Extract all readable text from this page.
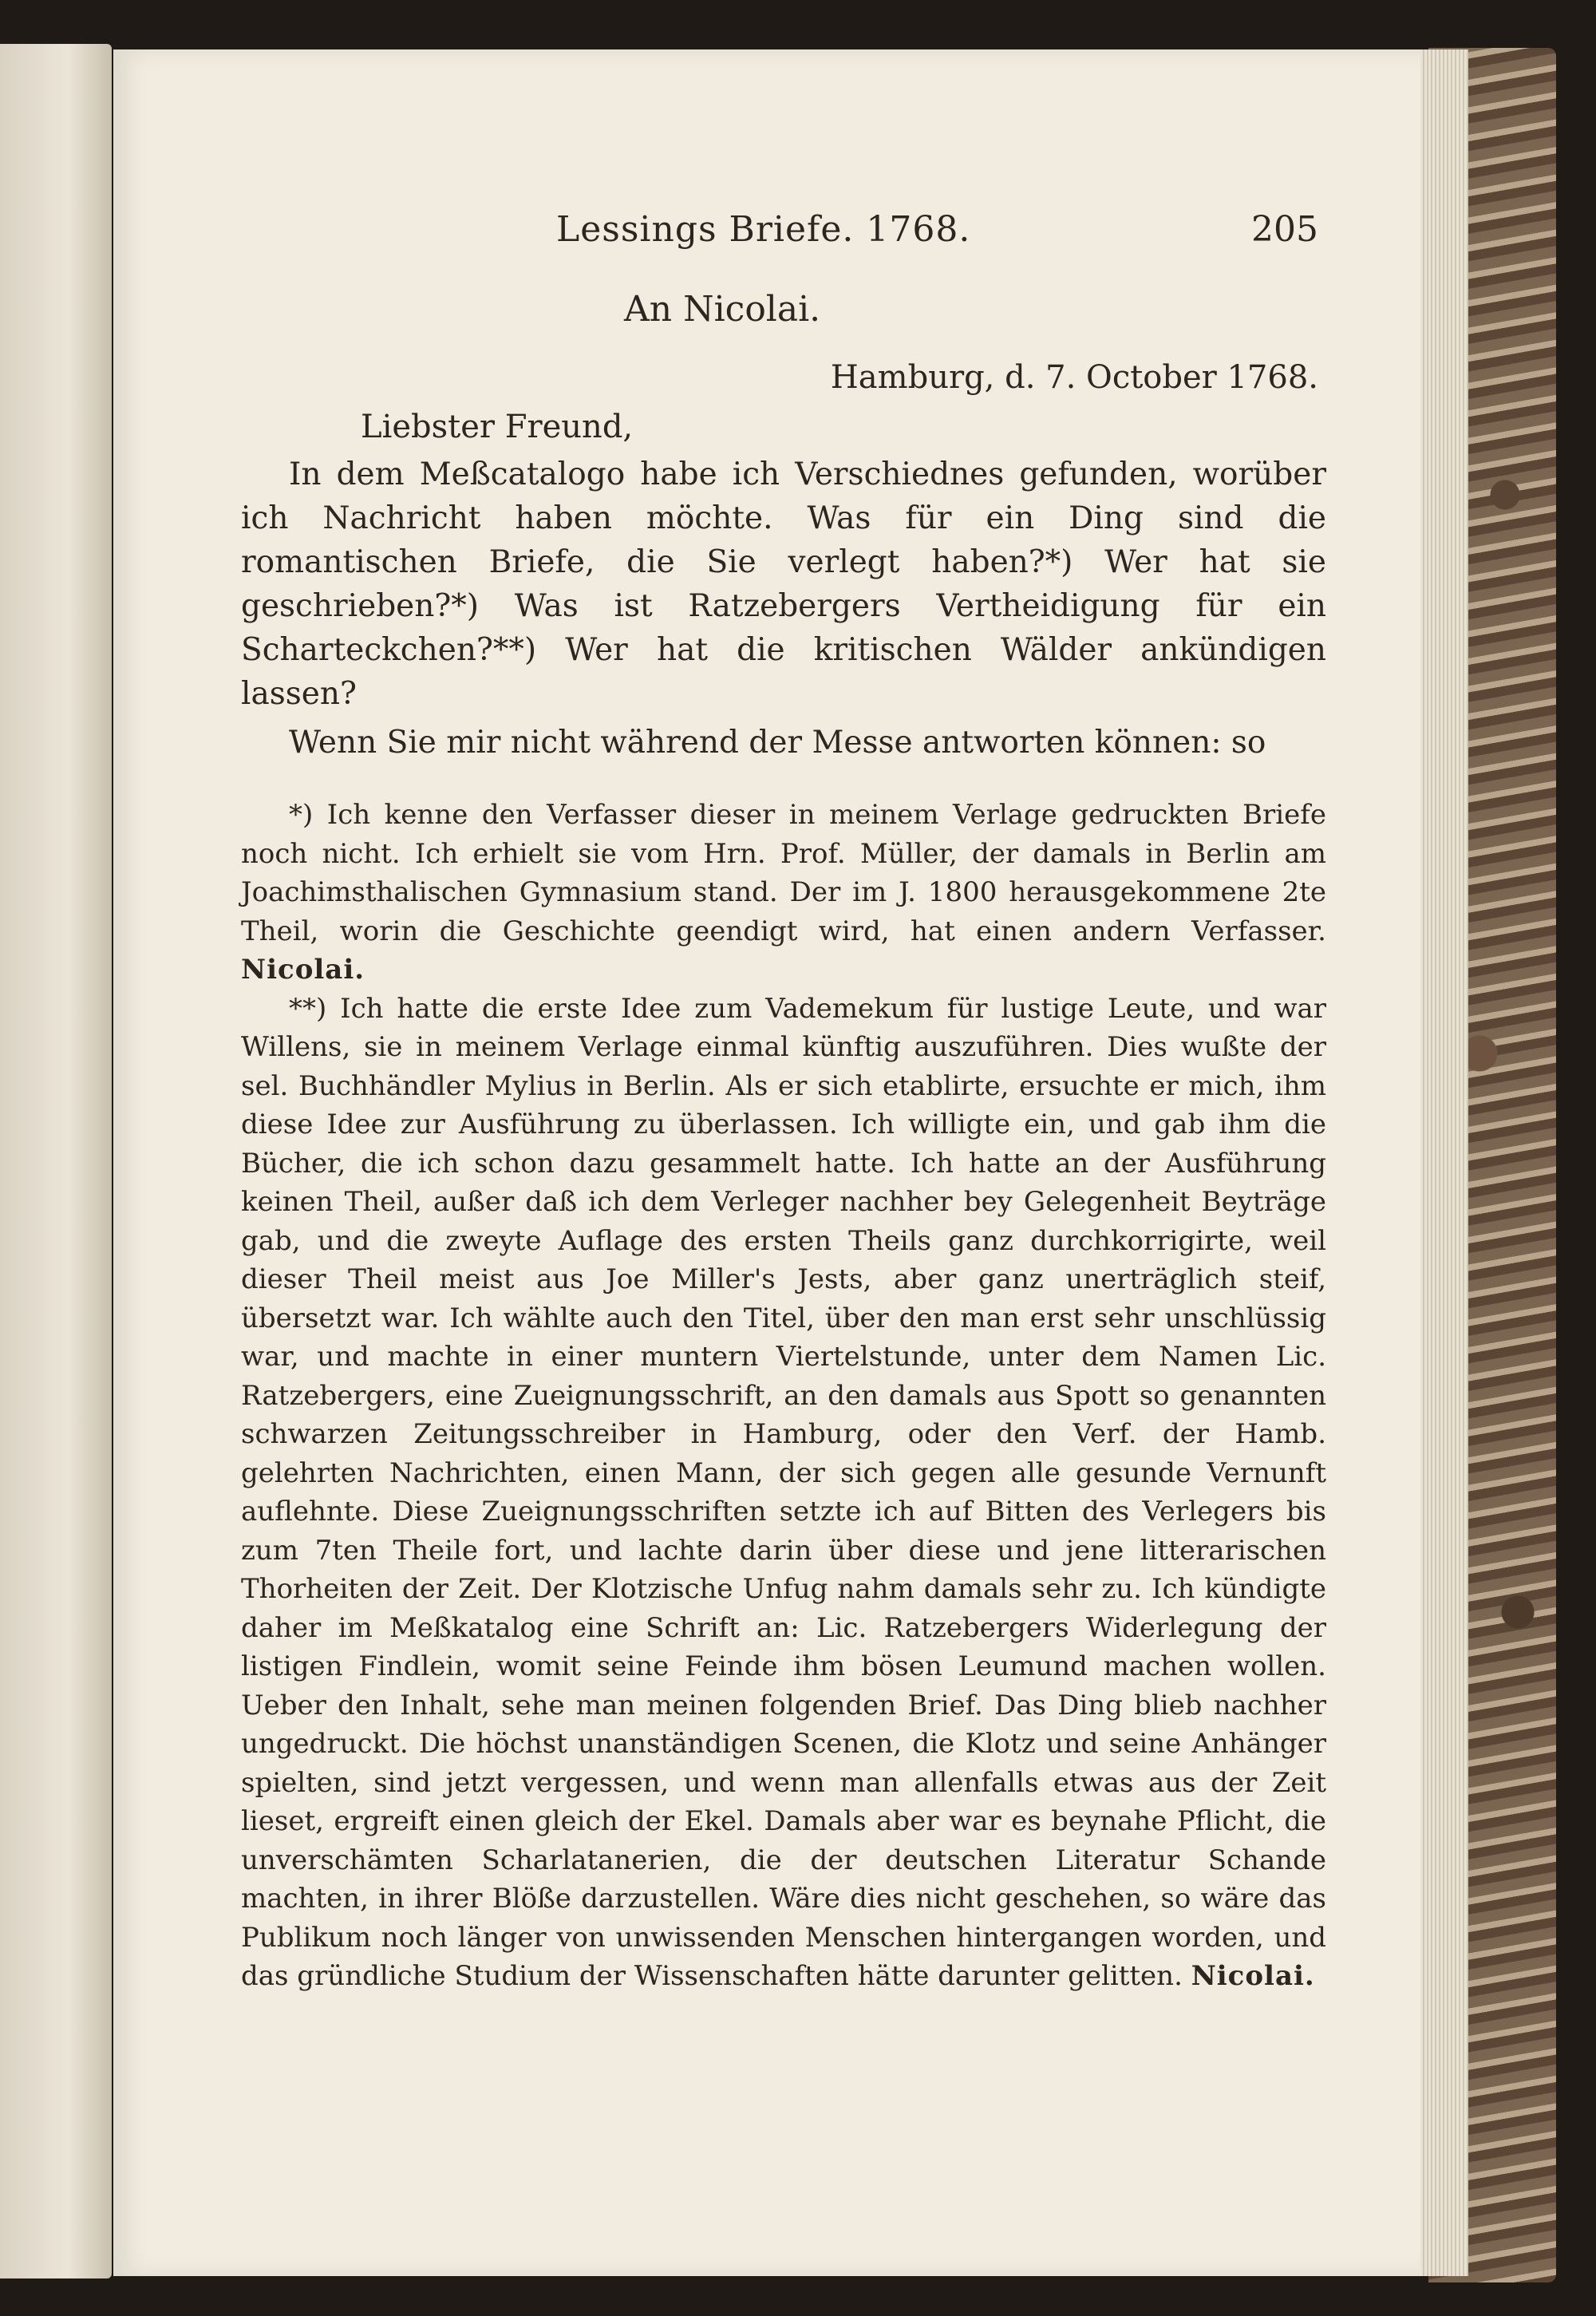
Lessings Briefe. 1768.	205
An Nicolai.
Hamburg, d. 7. October 1768.
Liebster Freund,

In dem Meßcatalogo habe ich Verschiednes gefunden, worüber ich Nachricht haben möchte. Was für ein Ding sind die romantischen Briefe, die Sie verlegt haben?*) Wer hat sie geschrieben?*) Was ist Ratzebergers Vertheidigung für ein Scharteckchen?**) Wer hat die kritischen Wälder ankündigen lassen?

Wenn Sie mir nicht während der Messe antworten können: so

*) Ich kenne den Verfasser dieser in meinem Verlage gedruckten Briefe noch nicht. Ich erhielt sie vom Hrn. Prof. Müller, der damals in Berlin am Joachimsthalischen Gymnasium stand. Der im J. 1800 herausgekommene 2te Theil, worin die Geschichte geendigt wird, hat einen andern Verfasser. Nicolai.

**) Ich hatte die erste Idee zum Vademekum für lustige Leute, und war Willens, sie in meinem Verlage einmal künftig auszuführen. Dies wußte der sel. Buchhändler Mylius in Berlin. Als er sich etablirte, ersuchte er mich, ihm diese Idee zur Ausführung zu überlassen. Ich willigte ein, und gab ihm die Bücher, die ich schon dazu gesammelt hatte. Ich hatte an der Ausführung keinen Theil, außer daß ich dem Verleger nachher bey Gelegenheit Beyträge gab, und die zweyte Auflage des ersten Theils ganz durchkorrigirte, weil dieser Theil meist aus Joe Miller's Jests, aber ganz unerträglich steif, übersetzt war. Ich wählte auch den Titel, über den man erst sehr unschlüssig war, und machte in einer muntern Viertelstunde, unter dem Namen Lic. Ratzebergers, eine Zueignungsschrift, an den damals aus Spott so genannten schwarzen Zeitungsschreiber in Hamburg, oder den Verf. der Hamb. gelehrten Nachrichten, einen Mann, der sich gegen alle gesunde Vernunft auflehnte. Diese Zueignungsschriften setzte ich auf Bitten des Verlegers bis zum 7ten Theile fort, und lachte darin über diese und jene litterarischen Thorheiten der Zeit. Der Klotzische Unfug nahm damals sehr zu. Ich kündigte daher im Meßkatalog eine Schrift an: Lic. Ratzebergers Widerlegung der listigen Findlein, womit seine Feinde ihm bösen Leumund machen wollen. Ueber den Inhalt, sehe man meinen folgenden Brief. Das Ding blieb nachher ungedruckt. Die höchst unanständigen Scenen, die Klotz und seine Anhänger spielten, sind jetzt vergessen, und wenn man allenfalls etwas aus der Zeit lieset, ergreift einen gleich der Ekel. Damals aber war es beynahe Pflicht, die unverschämten Scharlatanerien, die der deutschen Literatur Schande machten, in ihrer Blöße darzustellen. Wäre dies nicht geschehen, so wäre das Publikum noch länger von unwissenden Menschen hintergangen worden, und das gründliche Studium der Wissenschaften hätte darunter gelitten. Nicolai.
